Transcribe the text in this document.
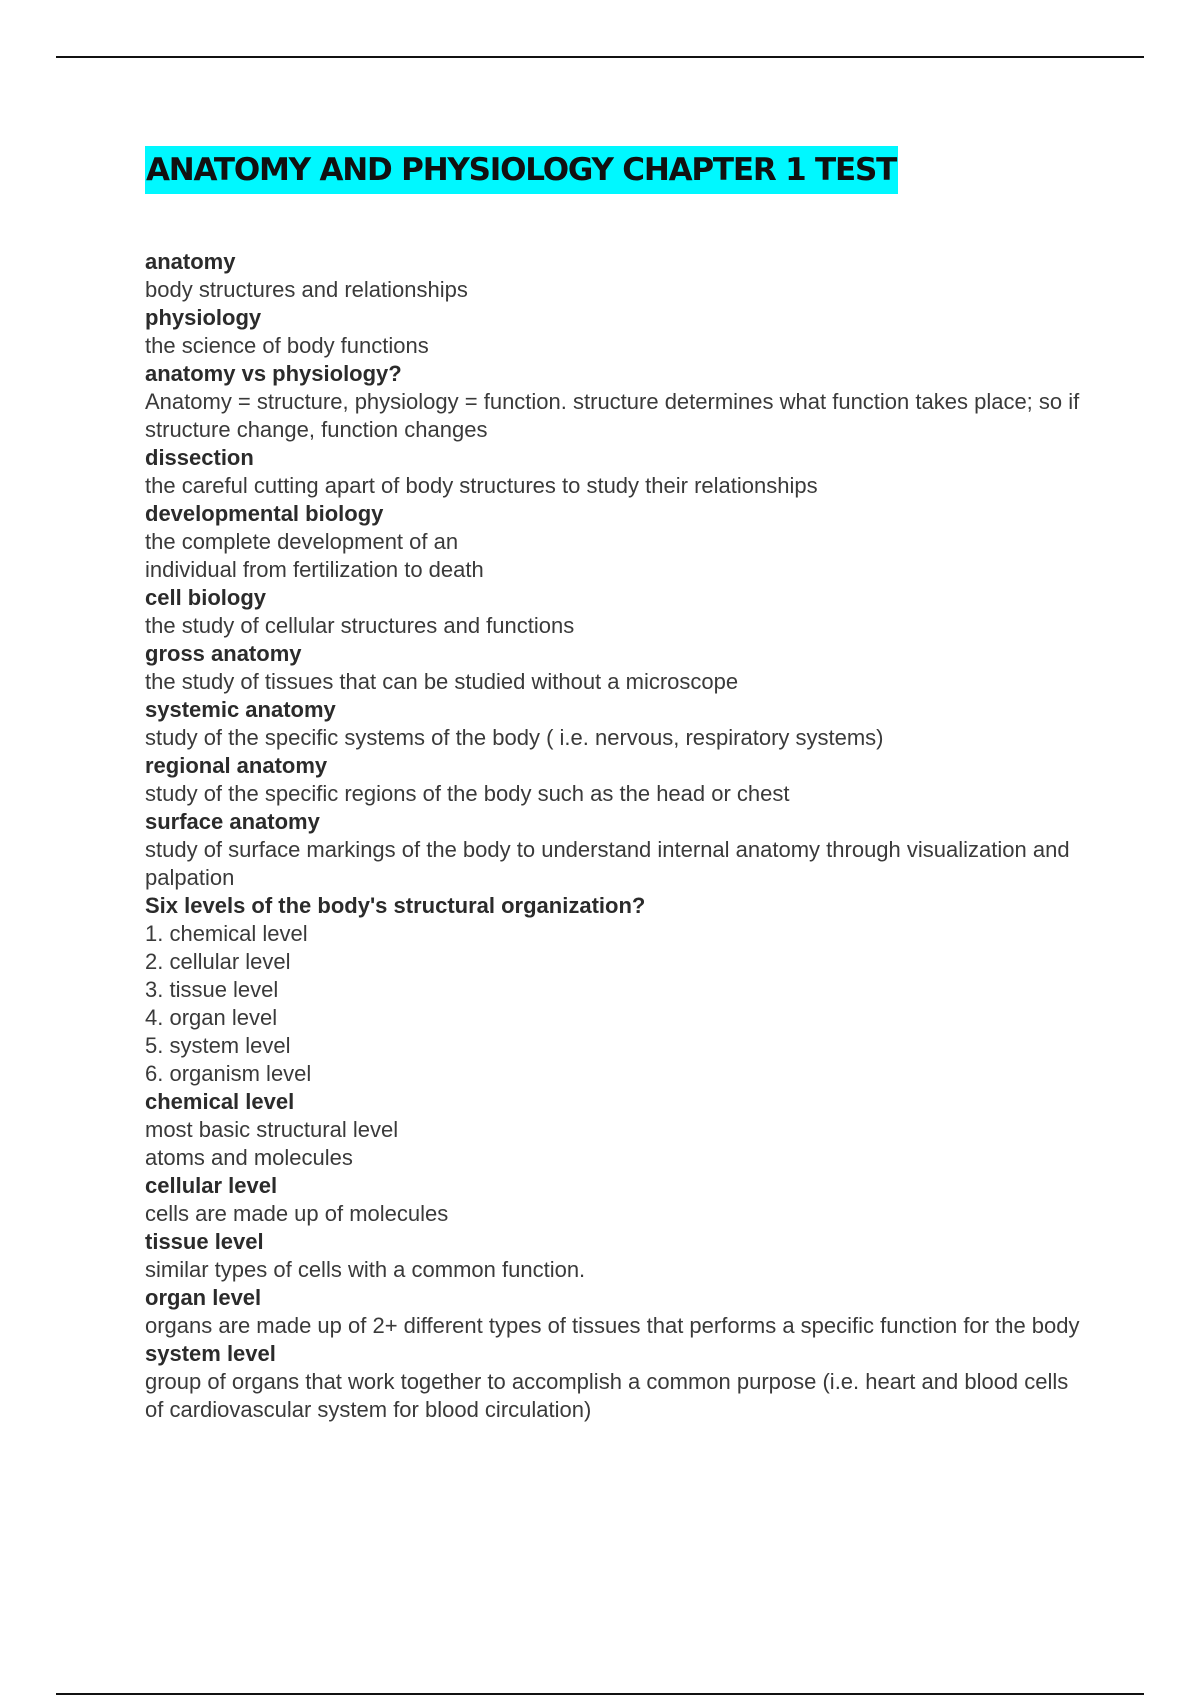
ANATOMY AND PHYSIOLOGY CHAPTER 1 TEST
anatomy
body structures and relationships
physiology
the science of body functions
anatomy vs physiology?
Anatomy = structure, physiology = function. structure determines what function takes place; so if structure change, function changes
dissection
the careful cutting apart of body structures to study their relationships
developmental biology
the complete development of an
individual from fertilization to death
cell biology
the study of cellular structures and functions
gross anatomy
the study of tissues that can be studied without a microscope
systemic anatomy
study of the specific systems of the body ( i.e. nervous, respiratory systems)
regional anatomy
study of the specific regions of the body such as the head or chest
surface anatomy
study of surface markings of the body to understand internal anatomy through visualization and palpation
Six levels of the body's structural organization?
1. chemical level
2. cellular level
3. tissue level
4. organ level
5. system level
6. organism level
chemical level
most basic structural level
atoms and molecules
cellular level
cells are made up of molecules
tissue level
similar types of cells with a common function.
organ level
organs are made up of 2+ different types of tissues that performs a specific function for the body
system level
group of organs that work together to accomplish a common purpose (i.e. heart and blood cells of cardiovascular system for blood circulation)
